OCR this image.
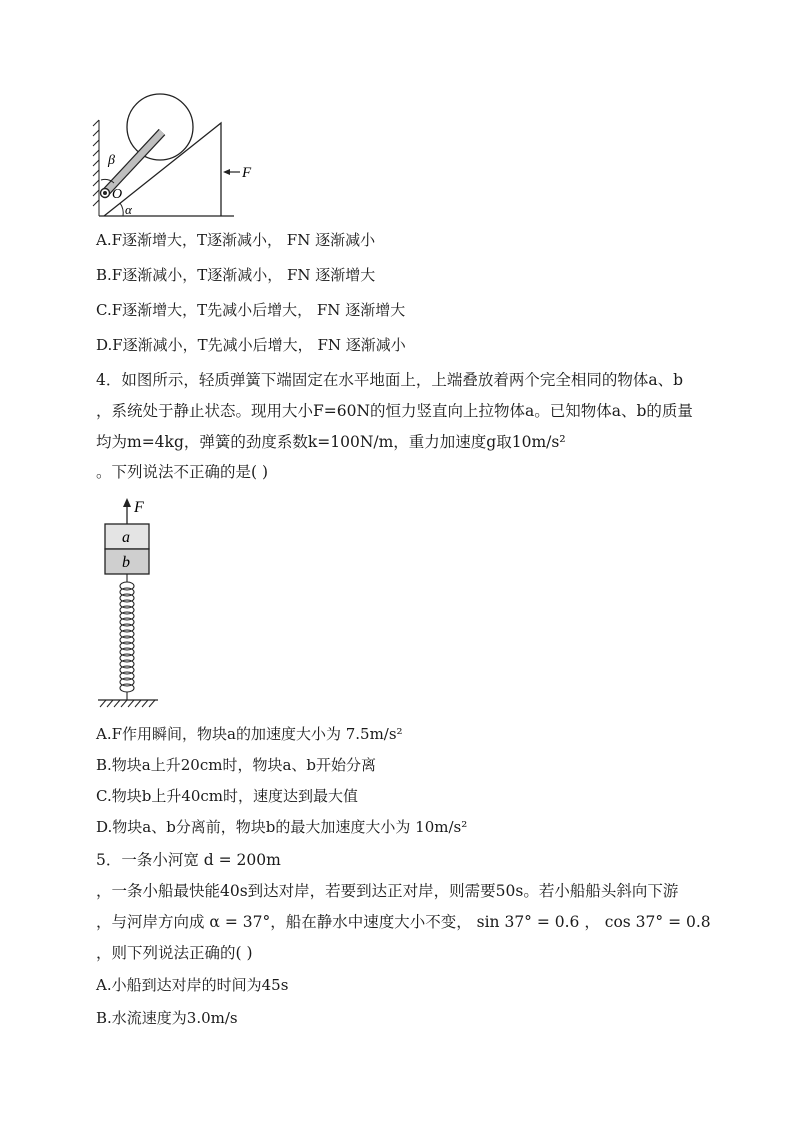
β
O
α
F
A.F逐渐增大，T逐渐减小， FN 逐渐减小
B.F逐渐减小，T逐渐减小， FN 逐渐增大
C.F逐渐增大，T先减小后增大， FN 逐渐增大
D.F逐渐减小，T先减小后增大， FN 逐渐减小
4．如图所示，轻质弹簧下端固定在水平地面上，上端叠放着两个完全相同的物体a、b
，系统处于静止状态。现用大小F=60N的恒力竖直向上拉物体a。已知物体a、b的质量
均为m=4kg，弹簧的劲度系数k=100N/m，重力加速度g取10m/s²
。下列说法不正确的是( )
F
a
b
A.F作用瞬间，物块a的加速度大小为 7.5m/s²
B.物块a上升20cm时，物块a、b开始分离
C.物块b上升40cm时，速度达到最大值
D.物块a、b分离前，物块b的最大加速度大小为 10m/s²
5．一条小河宽 d = 200m
，一条小船最快能40s到达对岸，若要到达正对岸，则需要50s。若小船船头斜向下游
，与河岸方向成 α = 37°，船在静水中速度大小不变， sin 37° = 0.6 ， cos 37° = 0.8
，则下列说法正确的( )
A.小船到达对岸的时间为45s
B.水流速度为3.0m/s
